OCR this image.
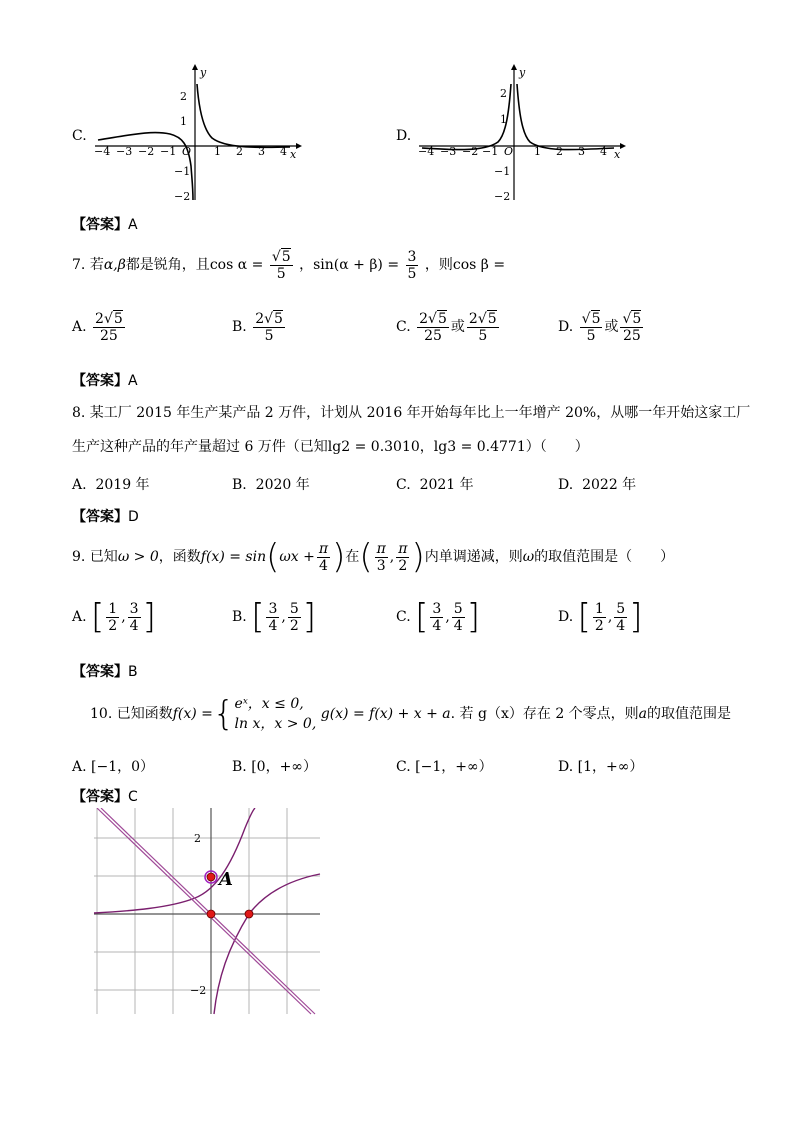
C.
y
x
O
−4 −3 −2 −1	1 2 3 4
2
1
−1
−2
D.
y
x
O
−4 −3 −2 −1	1 2 3 4
2
1
−1
−2
【答案】A
7. 若α,β都是锐角，且$\cos \alpha = \frac{√5}{5}$ ，$\sin(\alpha + \beta) = \frac{3}{5}$ ，则cos β =
A. $\frac{2√5}{25}$	B. $\frac{2√5}{5}$	C. $\frac{2√5}{25}$ 或 $\frac{2√5}{5}$	D. $\frac{√5}{5}$ 或 $\frac{√5}{25}$
【答案】A
8. 某工厂 2015 年生产某产品 2 万件，计划从 2016 年开始每年比上一年增产 20%，从哪一年开始这家工厂
生产这种产品的年产量超过 6 万件（已知lg2 = 0.3010，lg3 = 0.4771）（　　）
A. 2019 年	B. 2020 年	C. 2021 年	D. 2022 年
【答案】D
9. 已知ω > 0，函数$f(x) = \sin(\omega x + \frac{\pi}{4}$ )在( $\frac{\pi}{3}$ , $\frac{\pi}{2}$ )内单调递减，则ω的取值范围是（　　）
A. [ $\frac{1}{2}$ , $\frac{3}{4}$ ]	B. [ $\frac{3}{4}$ , $\frac{5}{2}$ ]	C. [ $\frac{3}{4}$ , $\frac{5}{4}$ ]	D. [ $\frac{1}{2}$ , $\frac{5}{4}$ ]
【答案】B
10. 已知函数f(x) ={ eˣ，x ≤ 0,
ln x，x > 0,
g(x) = f(x) + x + a. 若 g（x）存在 2 个零点，则a的取值范围是
A. [−1，0）	B. [0，+∞）	C. [−1，+∞）	D. [1，+∞）
【答案】C
2
−2
A
